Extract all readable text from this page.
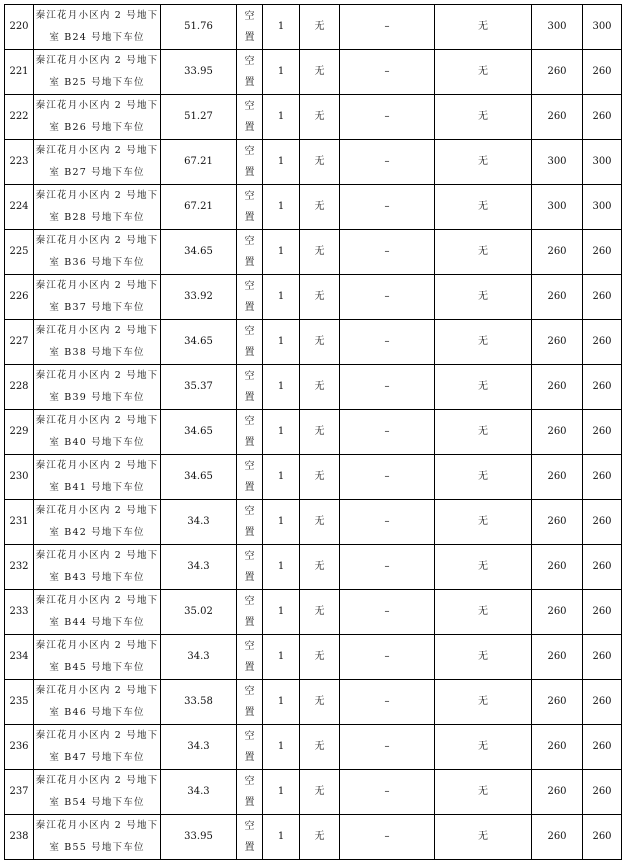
220	秦江花月小区内 2 号地下
室 B24 号地下车位	51.76	空
置	1	无	–	无	300	300
221	秦江花月小区内 2 号地下
室 B25 号地下车位	33.95	空
置	1	无	–	无	260	260
222	秦江花月小区内 2 号地下
室 B26 号地下车位	51.27	空
置	1	无	–	无	260	260
223	秦江花月小区内 2 号地下
室 B27 号地下车位	67.21	空
置	1	无	–	无	300	300
224	秦江花月小区内 2 号地下
室 B28 号地下车位	67.21	空
置	1	无	–	无	300	300
225	秦江花月小区内 2 号地下
室 B36 号地下车位	34.65	空
置	1	无	–	无	260	260
226	秦江花月小区内 2 号地下
室 B37 号地下车位	33.92	空
置	1	无	–	无	260	260
227	秦江花月小区内 2 号地下
室 B38 号地下车位	34.65	空
置	1	无	–	无	260	260
228	秦江花月小区内 2 号地下
室 B39 号地下车位	35.37	空
置	1	无	–	无	260	260
229	秦江花月小区内 2 号地下
室 B40 号地下车位	34.65	空
置	1	无	–	无	260	260
230	秦江花月小区内 2 号地下
室 B41 号地下车位	34.65	空
置	1	无	–	无	260	260
231	秦江花月小区内 2 号地下
室 B42 号地下车位	34.3	空
置	1	无	–	无	260	260
232	秦江花月小区内 2 号地下
室 B43 号地下车位	34.3	空
置	1	无	–	无	260	260
233	秦江花月小区内 2 号地下
室 B44 号地下车位	35.02	空
置	1	无	–	无	260	260
234	秦江花月小区内 2 号地下
室 B45 号地下车位	34.3	空
置	1	无	–	无	260	260
235	秦江花月小区内 2 号地下
室 B46 号地下车位	33.58	空
置	1	无	–	无	260	260
236	秦江花月小区内 2 号地下
室 B47 号地下车位	34.3	空
置	1	无	–	无	260	260
237	秦江花月小区内 2 号地下
室 B54 号地下车位	34.3	空
置	1	无	–	无	260	260
238	秦江花月小区内 2 号地下
室 B55 号地下车位	33.95	空
置	1	无	–	无	260	260
